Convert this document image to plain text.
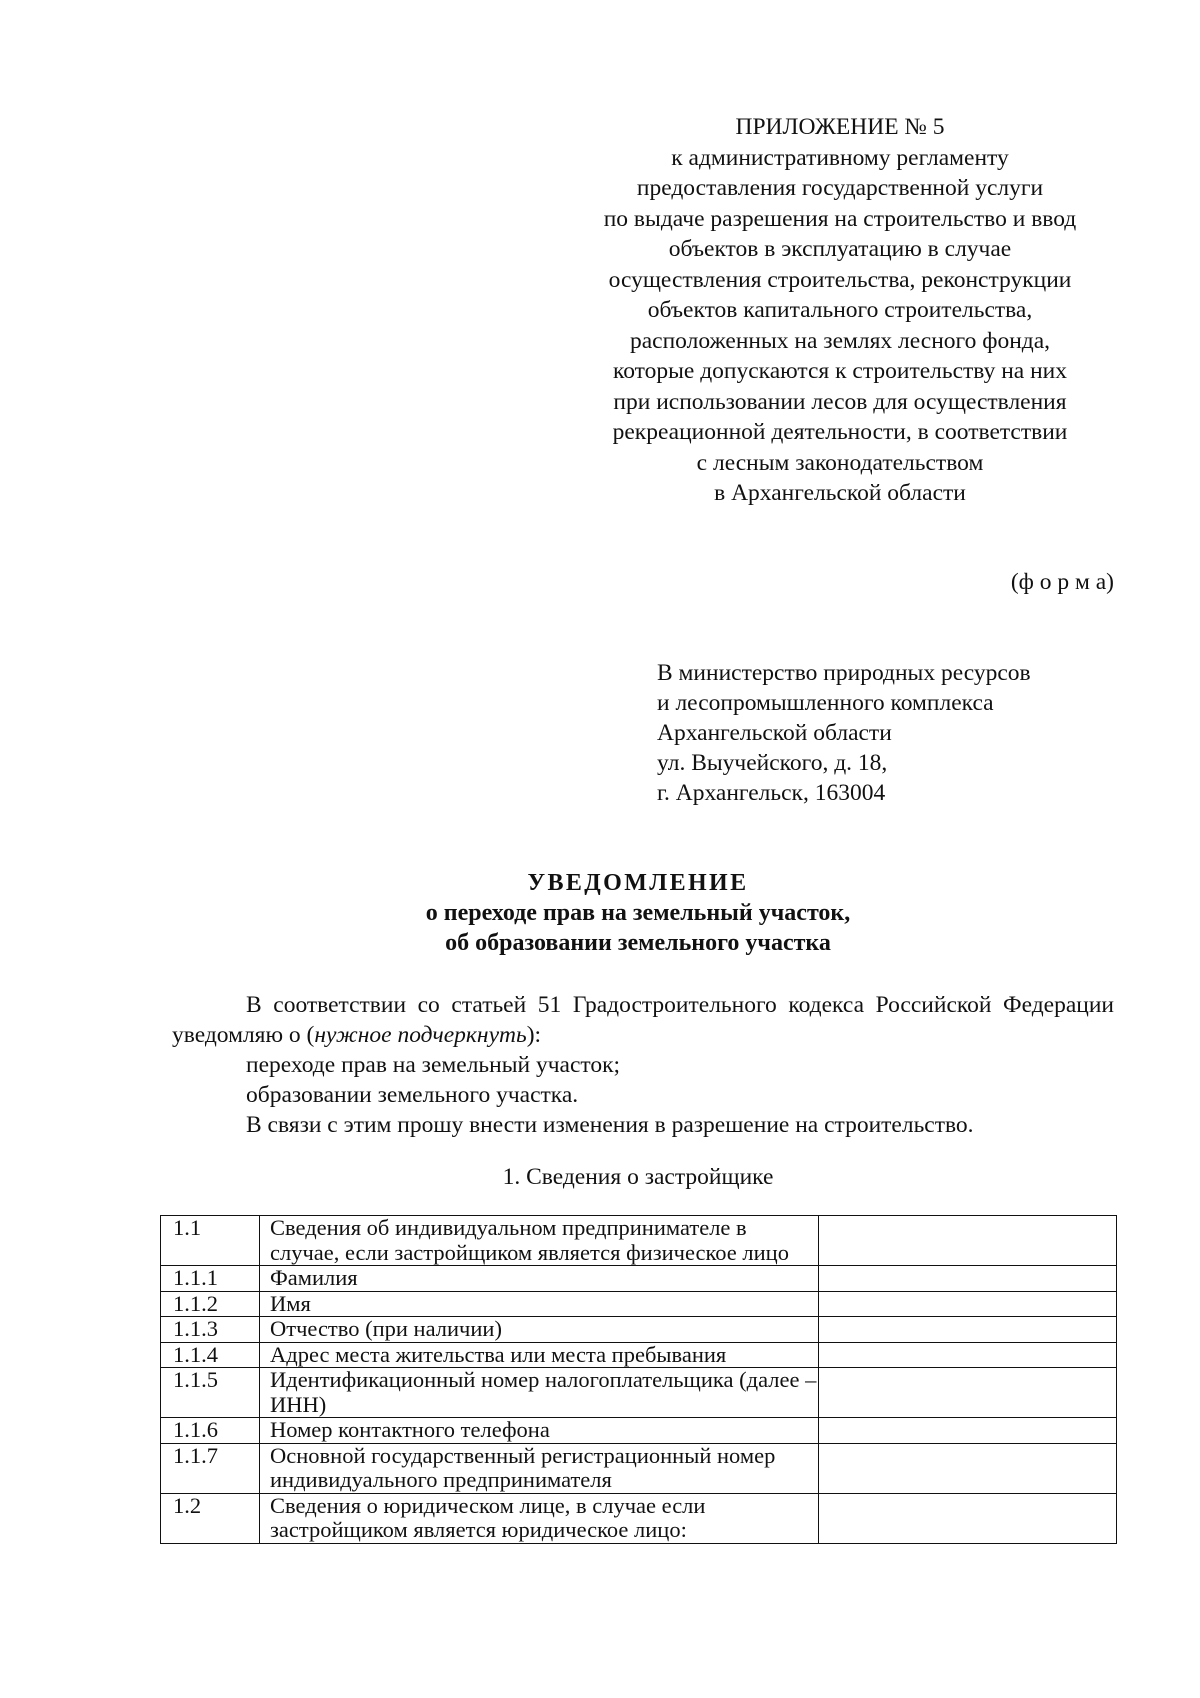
ПРИЛОЖЕНИЕ № 5
к административному регламенту
предоставления государственной услуги
по выдаче разрешения на строительство и ввод
объектов в эксплуатацию в случае
осуществления строительства, реконструкции
объектов капитального строительства,
расположенных на землях лесного фонда,
которые допускаются к строительству на них
при использовании лесов для осуществления
рекреационной деятельности, в соответствии
с лесным законодательством
в Архангельской области
(ф о р м а)
В министерство природных ресурсов
и лесопромышленного комплекса
Архангельской области
ул. Выучейского, д. 18,
г. Архангельск, 163004
УВЕДОМЛЕНИЕ
о переходе прав на земельный участок,
об образовании земельного участка
В соответствии со статьей 51 Градостроительного кодекса Российской Федерации уведомляю о (нужное подчеркнуть):
переходе прав на земельный участок;
образовании земельного участка.
В связи с этим прошу внести изменения в разрешение на строительство.
1. Сведения о застройщике
1.1	Сведения об индивидуальном предпринимателе в случае, если застройщиком является физическое лицо	
1.1.1	Фамилия	
1.1.2	Имя	
1.1.3	Отчество (при наличии)	
1.1.4	Адрес места жительства или места пребывания	
1.1.5	Идентификационный номер налогоплательщика (далее – ИНН)	
1.1.6	Номер контактного телефона	
1.1.7	Основной государственный регистрационный номер индивидуального предпринимателя	
1.2	Сведения о юридическом лице, в случае если застройщиком является юридическое лицо:	
